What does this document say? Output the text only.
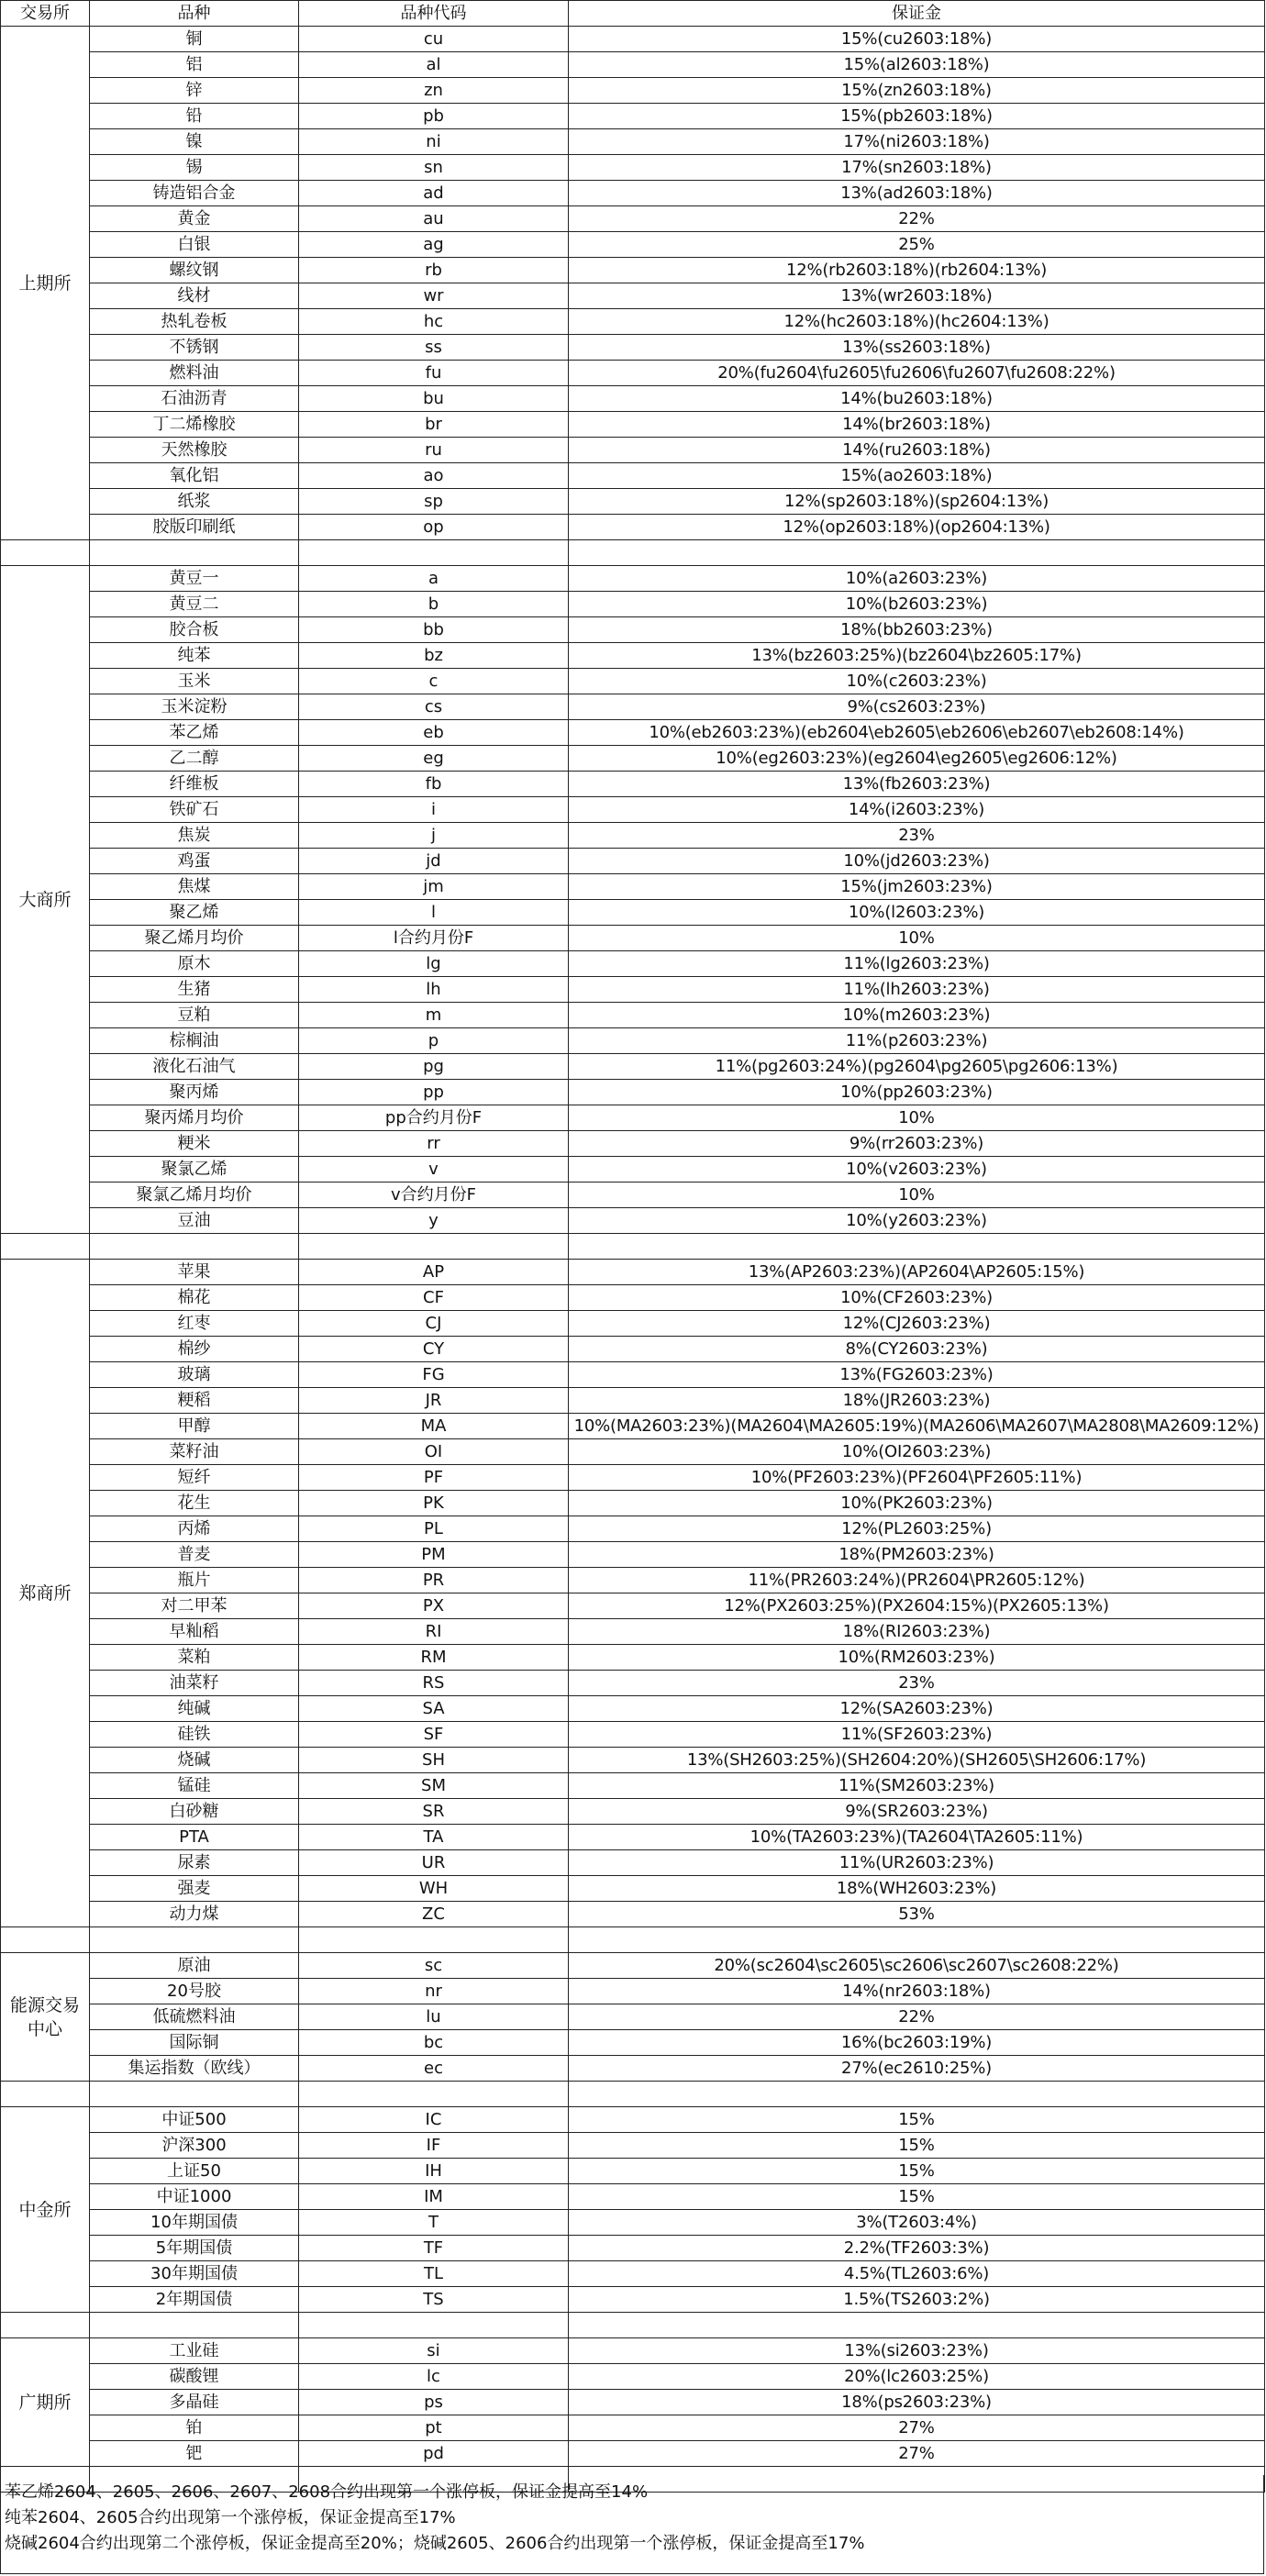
交易所	品种	品种代码	保证金
上期所	铜	cu	15%(cu2603:18%)
	铝	al	15%(al2603:18%)
	锌	zn	15%(zn2603:18%)
	铅	pb	15%(pb2603:18%)
	镍	ni	17%(ni2603:18%)
	锡	sn	17%(sn2603:18%)
	铸造铝合金	ad	13%(ad2603:18%)
	黄金	au	22%
	白银	ag	25%
	螺纹钢	rb	12%(rb2603:18%)(rb2604:13%)
	线材	wr	13%(wr2603:18%)
	热轧卷板	hc	12%(hc2603:18%)(hc2604:13%)
	不锈钢	ss	13%(ss2603:18%)
	燃料油	fu	20%(fu2604\fu2605\fu2606\fu2607\fu2608:22%)
	石油沥青	bu	14%(bu2603:18%)
	丁二烯橡胶	br	14%(br2603:18%)
	天然橡胶	ru	14%(ru2603:18%)
	氧化铝	ao	15%(ao2603:18%)
	纸浆	sp	12%(sp2603:18%)(sp2604:13%)
	胶版印刷纸	op	12%(op2603:18%)(op2604:13%)

大商所	黄豆一	a	10%(a2603:23%)
	黄豆二	b	10%(b2603:23%)
	胶合板	bb	18%(bb2603:23%)
	纯苯	bz	13%(bz2603:25%)(bz2604\bz2605:17%)
	玉米	c	10%(c2603:23%)
	玉米淀粉	cs	9%(cs2603:23%)
	苯乙烯	eb	10%(eb2603:23%)(eb2604\eb2605\eb2606\eb2607\eb2608:14%)
	乙二醇	eg	10%(eg2603:23%)(eg2604\eg2605\eg2606:12%)
	纤维板	fb	13%(fb2603:23%)
	铁矿石	i	14%(i2603:23%)
	焦炭	j	23%
	鸡蛋	jd	10%(jd2603:23%)
	焦煤	jm	15%(jm2603:23%)
	聚乙烯	l	10%(l2603:23%)
	聚乙烯月均价	l合约月份F	10%
	原木	lg	11%(lg2603:23%)
	生猪	lh	11%(lh2603:23%)
	豆粕	m	10%(m2603:23%)
	棕榈油	p	11%(p2603:23%)
	液化石油气	pg	11%(pg2603:24%)(pg2604\pg2605\pg2606:13%)
	聚丙烯	pp	10%(pp2603:23%)
	聚丙烯月均价	pp合约月份F	10%
	粳米	rr	9%(rr2603:23%)
	聚氯乙烯	v	10%(v2603:23%)
	聚氯乙烯月均价	v合约月份F	10%
	豆油	y	10%(y2603:23%)

郑商所	苹果	AP	13%(AP2603:23%)(AP2604\AP2605:15%)
	棉花	CF	10%(CF2603:23%)
	红枣	CJ	12%(CJ2603:23%)
	棉纱	CY	8%(CY2603:23%)
	玻璃	FG	13%(FG2603:23%)
	粳稻	JR	18%(JR2603:23%)
	甲醇	MA	10%(MA2603:23%)(MA2604\MA2605:19%)(MA2606\MA2607\MA2808\MA2609:12%)
	菜籽油	OI	10%(OI2603:23%)
	短纤	PF	10%(PF2603:23%)(PF2604\PF2605:11%)
	花生	PK	10%(PK2603:23%)
	丙烯	PL	12%(PL2603:25%)
	普麦	PM	18%(PM2603:23%)
	瓶片	PR	11%(PR2603:24%)(PR2604\PR2605:12%)
	对二甲苯	PX	12%(PX2603:25%)(PX2604:15%)(PX2605:13%)
	早籼稻	RI	18%(RI2603:23%)
	菜粕	RM	10%(RM2603:23%)
	油菜籽	RS	23%
	纯碱	SA	12%(SA2603:23%)
	硅铁	SF	11%(SF2603:23%)
	烧碱	SH	13%(SH2603:25%)(SH2604:20%)(SH2605\SH2606:17%)
	锰硅	SM	11%(SM2603:23%)
	白砂糖	SR	9%(SR2603:23%)
	PTA	TA	10%(TA2603:23%)(TA2604\TA2605:11%)
	尿素	UR	11%(UR2603:23%)
	强麦	WH	18%(WH2603:23%)
	动力煤	ZC	53%

能源交易中心	原油	sc	20%(sc2604\sc2605\sc2606\sc2607\sc2608:22%)
	20号胶	nr	14%(nr2603:18%)
	低硫燃料油	lu	22%
	国际铜	bc	16%(bc2603:19%)
	集运指数（欧线）	ec	27%(ec2610:25%)

中金所	中证500	IC	15%
	沪深300	IF	15%
	上证50	IH	15%
	中证1000	IM	15%
	10年期国债	T	3%(T2603:4%)
	5年期国债	TF	2.2%(TF2603:3%)
	30年期国债	TL	4.5%(TL2603:6%)
	2年期国债	TS	1.5%(TS2603:2%)

广期所	工业硅	si	13%(si2603:23%)
	碳酸锂	lc	20%(lc2603:25%)
	多晶硅	ps	18%(ps2603:23%)
	铂	pt	27%
	钯	pd	27%

苯乙烯2604、2605、2606、2607、2608合约出现第一个涨停板，保证金提高至14%
纯苯2604、2605合约出现第一个涨停板，保证金提高至17%
烧碱2604合约出现第二个涨停板，保证金提高至20%；烧碱2605、2606合约出现第一个涨停板，保证金提高至17%
